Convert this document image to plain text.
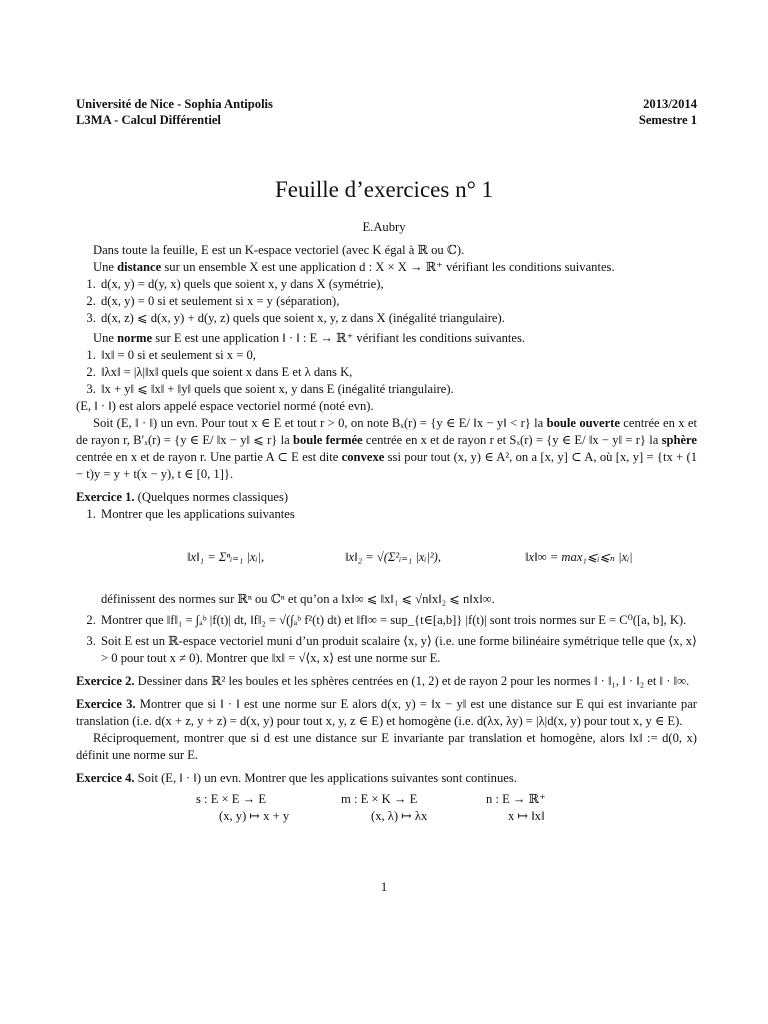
Université de Nice - Sophia Antipolis
L3MA - Calcul Différentiel
2013/2014
Semestre 1
Feuille d’exercices n° 1
E.Aubry

Dans toute la feuille, E est un K-espace vectoriel (avec K égal à ℝ ou ℂ).

Une distance sur un ensemble X est une application d : X × X → ℝ⁺ vérifiant les conditions suivantes.

1. d(x, y) = d(y, x) quels que soient x, y dans X (symétrie),
2. d(x, y) = 0 si et seulement si x = y (séparation),
3. d(x, z) ⩽ d(x, y) + d(y, z) quels que soient x, y, z dans X (inégalité triangulaire).

Une norme sur E est une application ‖ · ‖ : E → ℝ⁺ vérifiant les conditions suivantes.

1. ‖x‖ = 0 si et seulement si x = 0,
2. ‖λx‖ = |λ|‖x‖ quels que soient x dans E et λ dans K,
3. ‖x + y‖ ⩽ ‖x‖ + ‖y‖ quels que soient x, y dans E (inégalité triangulaire).

(E, ‖ · ‖) est alors appelé espace vectoriel normé (noté evn).

Soit (E, ‖ · ‖) un evn. Pour tout x ∈ E et tout r > 0, on note Bₓ(r) = {y ∈ E/ ‖x − y‖ < r} la boule ouverte centrée en x et de rayon r, B′ₓ(r) = {y ∈ E/ ‖x − y‖ ⩽ r} la boule fermée centrée en x et de rayon r et Sₓ(r) = {y ∈ E/ ‖x − y‖ = r} la sphère centrée en x et de rayon r. Une partie A ⊂ E est dite convexe ssi pour tout (x, y) ∈ A², on a [x, y] ⊂ A, où [x, y] = {tx + (1 − t)y = y + t(x − y), t ∈ [0, 1]}.

Exercice 1. (Quelques normes classiques)

1. Montrer que les applications suivantes
‖x‖₁ = Σⁿᵢ₌₁ |xᵢ|,	‖x‖₂ = √(Σ²ᵢ₌₁ |xᵢ|²),	‖x‖∞ = max₁⩽ᵢ⩽ₙ |xᵢ|
définissent des normes sur ℝⁿ ou ℂⁿ et qu’on a ‖x‖∞ ⩽ ‖x‖₁ ⩽ √n‖x‖₂ ⩽ n‖x‖∞.
2. Montrer que ‖f‖₁ = ∫ₐᵇ |f(t)| dt, ‖f‖₂ = √(∫ₐᵇ f²(t) dt) et ‖f‖∞ = sup_{t∈[a,b]} |f(t)| sont trois normes sur E = C⁰([a, b], K).
3. Soit E est un ℝ-espace vectoriel muni d’un produit scalaire ⟨x, y⟩ (i.e. une forme bilinéaire symétrique telle que ⟨x, x⟩ > 0 pour tout x ≠ 0). Montrer que ‖x‖ = √⟨x, x⟩ est une norme sur E.

Exercice 2. Dessiner dans ℝ² les boules et les sphères centrées en (1, 2) et de rayon 2 pour les normes ‖ · ‖₁, ‖ · ‖₂ et ‖ · ‖∞.

Exercice 3. Montrer que si ‖ · ‖ est une norme sur E alors d(x, y) = ‖x − y‖ est une distance sur E qui est invariante par translation (i.e. d(x + z, y + z) = d(x, y) pour tout x, y, z ∈ E) et homogène (i.e. d(λx, λy) = |λ|d(x, y) pour tout x, y ∈ E).

Réciproquement, montrer que si d est une distance sur E invariante par translation et homogène, alors ‖x‖ := d(0, x) définit une norme sur E.

Exercice 4. Soit (E, ‖ · ‖) un evn. Montrer que les applications suivantes sont continues.

s : E × E → E
(x, y) ↦ x + y
m : E × K → E
(x, λ) ↦ λx
n : E → ℝ⁺
x ↦ ‖x‖
1
